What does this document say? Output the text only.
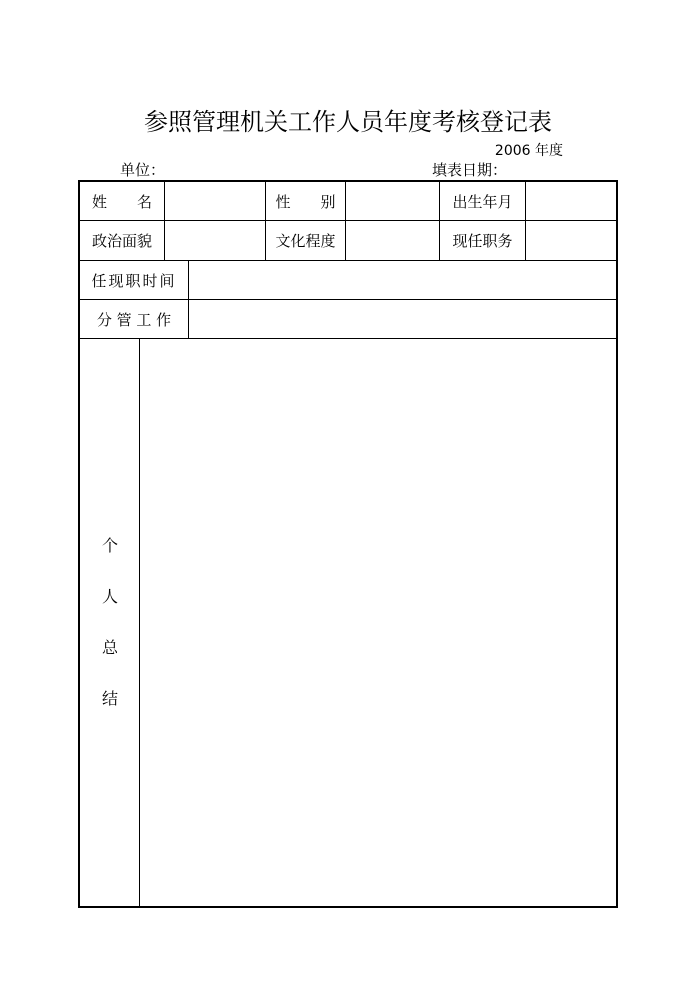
参照管理机关工作人员年度考核登记表
2006 年度
单位：	填表日期：
姓　　名	性　　别	出生年月
政治面貌	文化程度	现任职务
任现职时间
分 管 工 作
个
人
总
结
